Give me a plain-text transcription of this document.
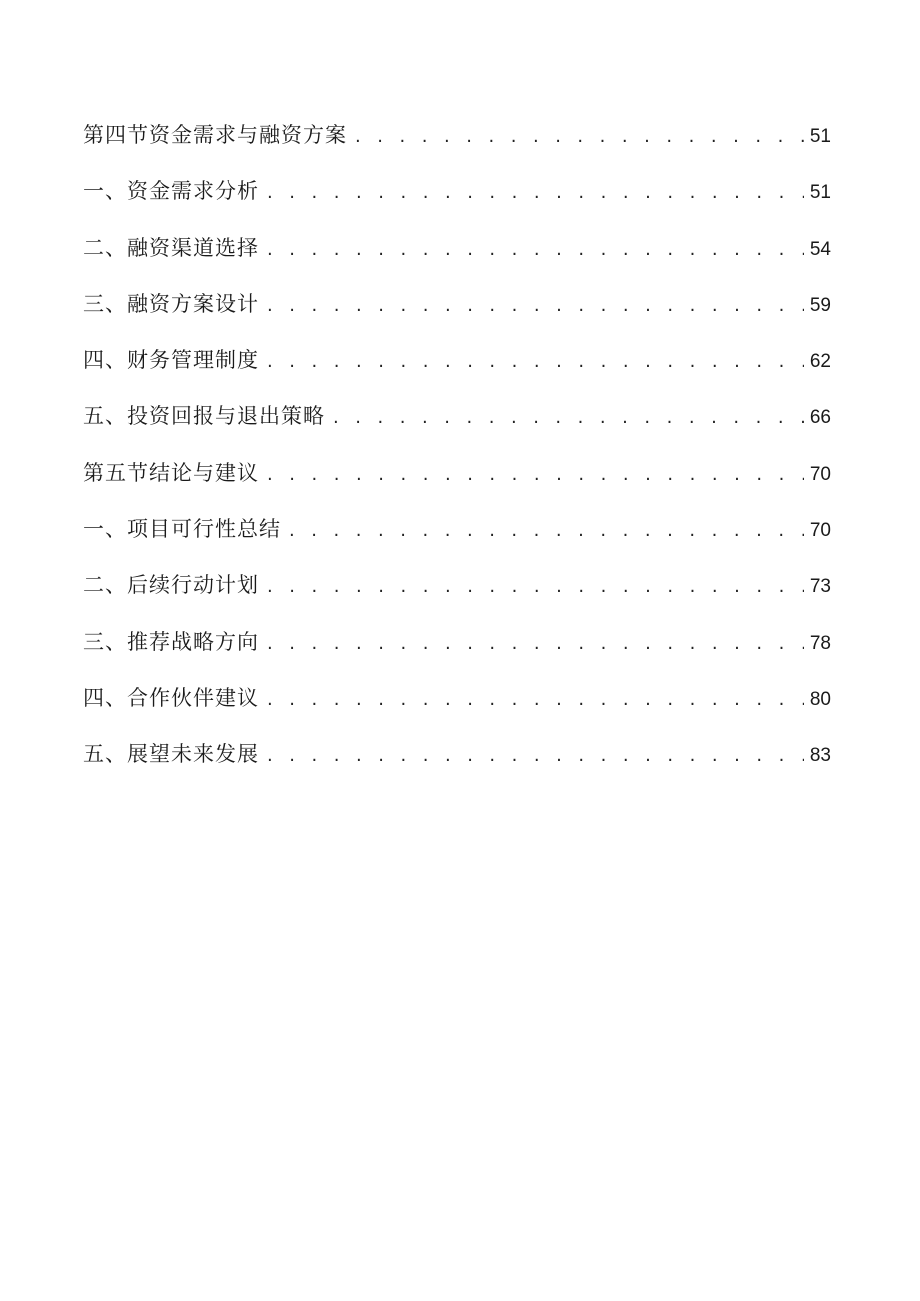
第四节资金需求与融资方案 . . .	51
一、资金需求分析 . . .	51
二、融资渠道选择 . . .	54
三、融资方案设计 . . .	59
四、财务管理制度 . . .	62
五、投资回报与退出策略 . . .	66
第五节结论与建议 . . .	70
一、项目可行性总结 . . .	70
二、后续行动计划 . . .	73
三、推荐战略方向 . . .	78
四、合作伙伴建议 . . .	80
五、展望未来发展 . . .	83
